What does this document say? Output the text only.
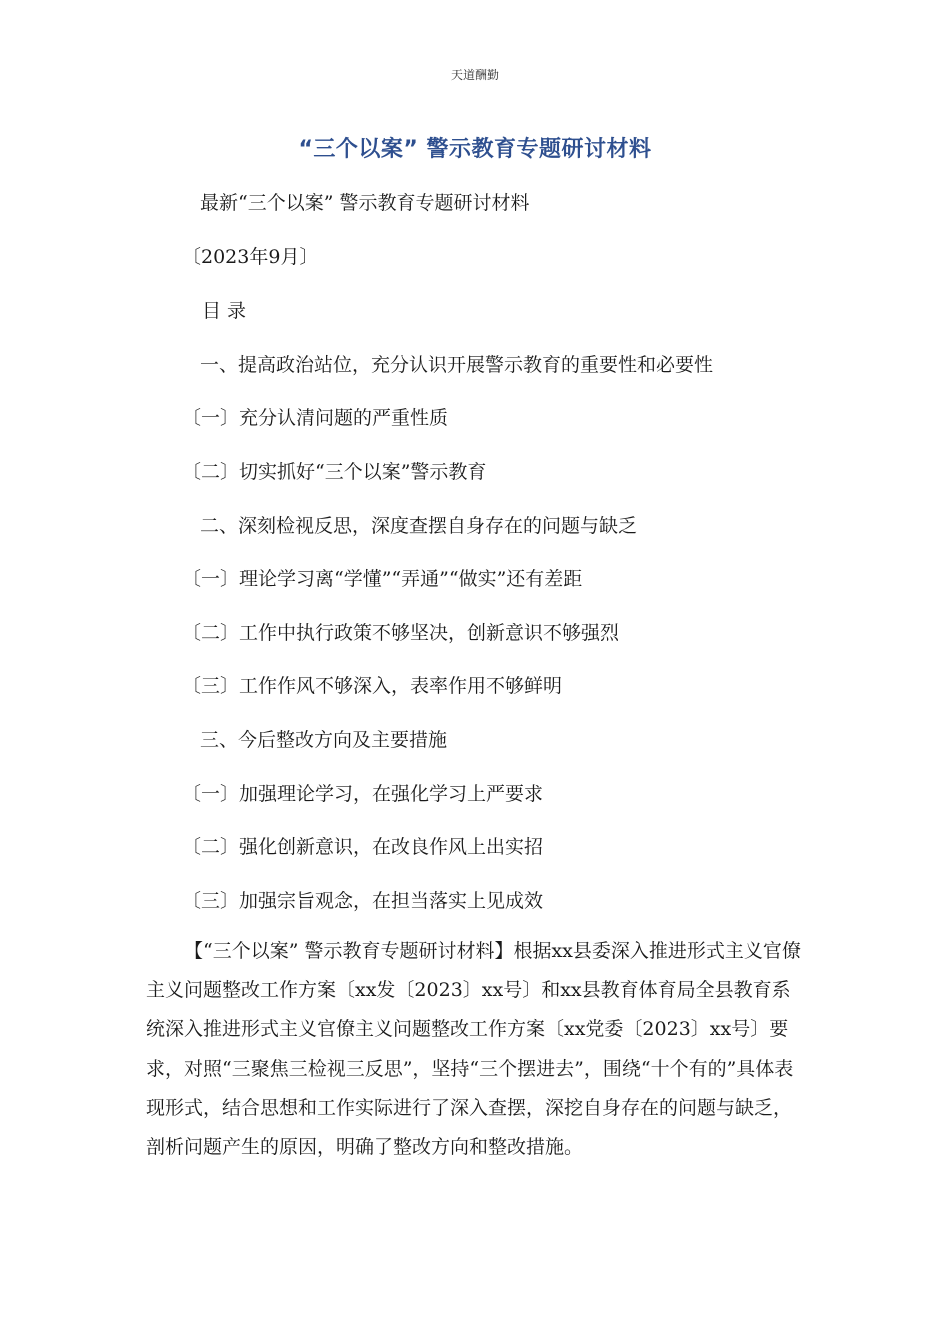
天道酬勤
“三个以案” 警示教育专题研讨材料
最新“三个以案” 警示教育专题研讨材料
〔2023年9月〕
目 录
一、提高政治站位，充分认识开展警示教育的重要性和必要性
〔一〕充分认清问题的严重性质
〔二〕切实抓好“三个以案”警示教育
二、深刻检视反思，深度查摆自身存在的问题与缺乏
〔一〕理论学习离“学懂”“弄通”“做实”还有差距
〔二〕工作中执行政策不够坚决，创新意识不够强烈
〔三〕工作作风不够深入，表率作用不够鲜明
三、今后整改方向及主要措施
〔一〕加强理论学习，在强化学习上严要求
〔二〕强化创新意识，在改良作风上出实招
〔三〕加强宗旨观念，在担当落实上见成效
【“三个以案” 警示教育专题研讨材料】根据xx县委深入推进形式主义官僚主义问题整改工作方案〔xx发〔2023〕xx号〕和xx县教育体育局全县教育系统深入推进形式主义官僚主义问题整改工作方案〔xx党委〔2023〕xx号〕要求，对照“三聚焦三检视三反思”，坚持“三个摆进去”，围绕“十个有的”具体表现形式，结合思想和工作实际进行了深入查摆，深挖自身存在的问题与缺乏，剖析问题产生的原因，明确了整改方向和整改措施。
